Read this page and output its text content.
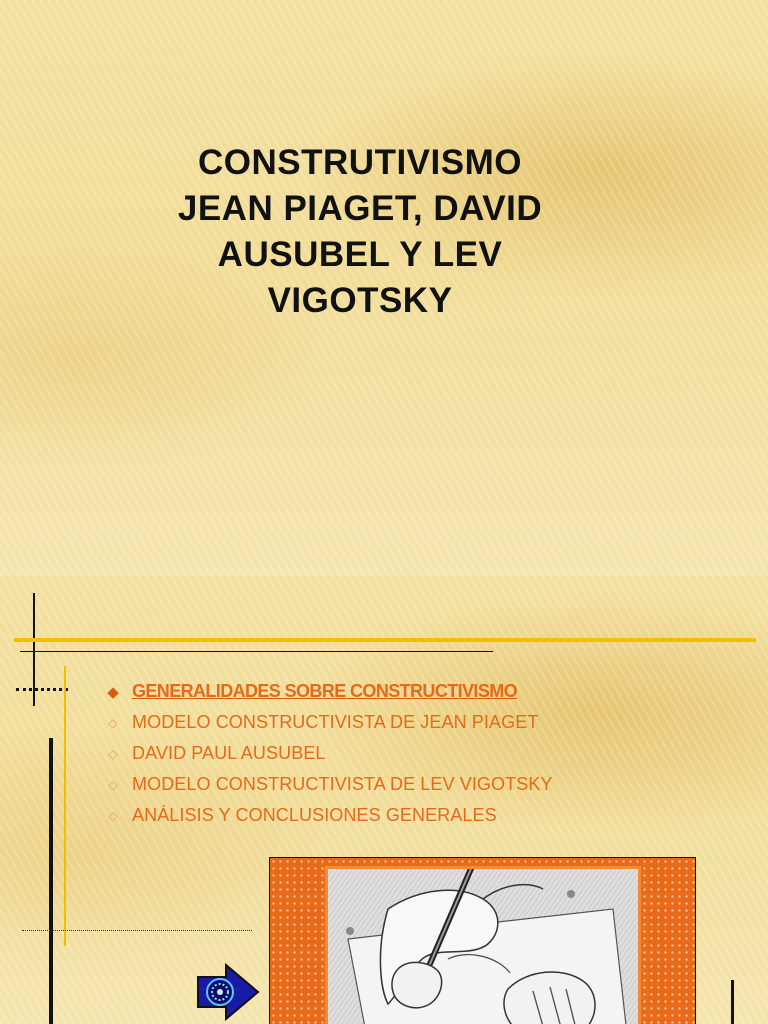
CONSTRUTIVISMO
JEAN PIAGET, DAVID
AUSUBEL Y LEV
VIGOTSKY
◆ GENERALIDADES SOBRE CONSTRUCTIVISMO
◇ MODELO CONSTRUCTIVISTA DE JEAN PIAGET
◇ DAVID PAUL AUSUBEL
◇ MODELO CONSTRUCTIVISTA DE LEV VIGOTSKY
◇ ANÁLISIS Y CONCLUSIONES GENERALES
